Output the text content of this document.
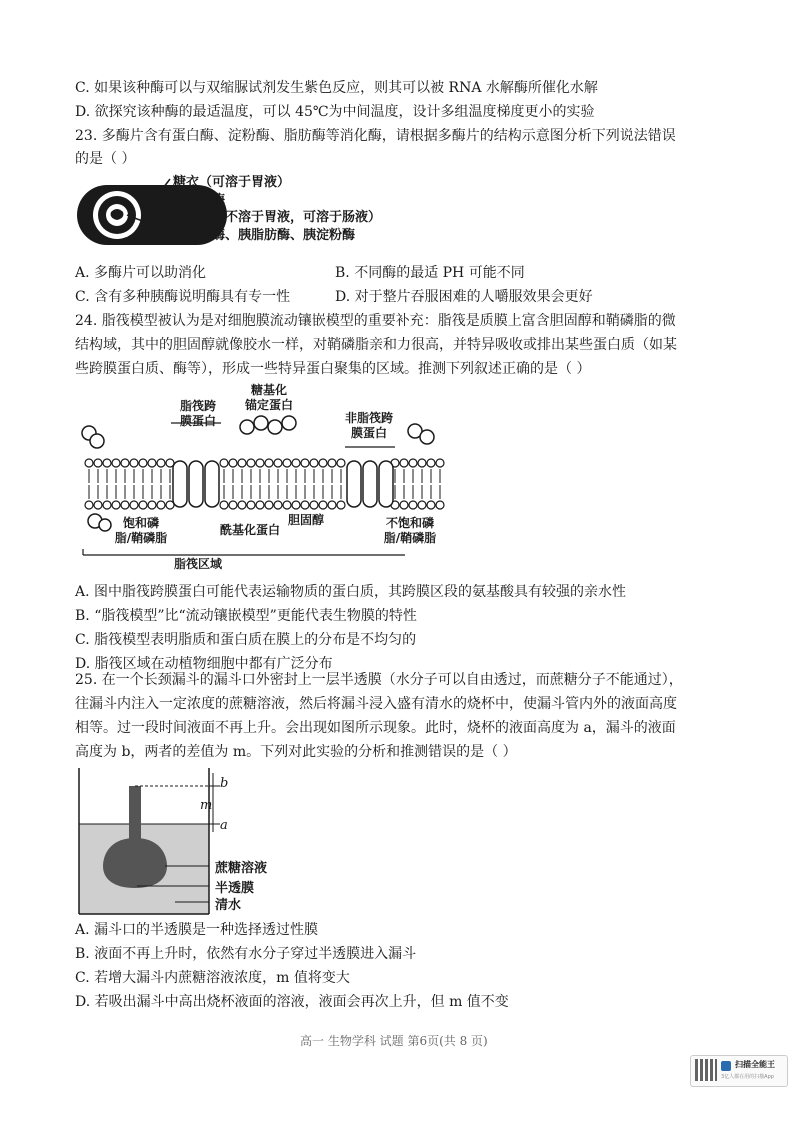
C. 如果该种酶可以与双缩脲试剂发生紫色反应，则其可以被 RNA 水解酶所催化水解
D. 欲探究该种酶的最适温度，可以 45℃为中间温度，设计多组温度梯度更小的实验
23. 多酶片含有蛋白酶、淀粉酶、脂肪酶等消化酶，请根据多酶片的结构示意图分析下列说法错误
的是（ ）
糖衣（可溶于胃液）
胃蛋白酶
肠溶衣（不溶于胃液，可溶于肠液）
胰蛋白酶、胰脂肪酶、胰淀粉酶
A. 多酶片可以助消化	B. 不同酶的最适 PH 可能不同
C. 含有多种胰酶说明酶具有专一性	D. 对于整片吞服困难的人嚼服效果会更好
24. 脂筏模型被认为是对细胞膜流动镶嵌模型的重要补充：脂筏是质膜上富含胆固醇和鞘磷脂的微
结构域，其中的胆固醇就像胶水一样，对鞘磷脂亲和力很高，并特异吸收或排出某些蛋白质（如某
些跨膜蛋白质、酶等），形成一些特异蛋白聚集的区域。推测下列叙述正确的是（ ）
脂筏跨
膜蛋白
糖基化
锚定蛋白
非脂筏跨
膜蛋白
饱和磷
脂/鞘磷脂
酰基化蛋白
胆固醇	不饱和磷
脂/鞘磷脂
脂筏区域
A. 图中脂筏跨膜蛋白可能代表运输物质的蛋白质，其跨膜区段的氨基酸具有较强的亲水性
B. “脂筏模型”比“流动镶嵌模型”更能代表生物膜的特性
C. 脂筏模型表明脂质和蛋白质在膜上的分布是不均匀的
D. 脂筏区域在动植物细胞中都有广泛分布
25. 在一个长颈漏斗的漏斗口外密封上一层半透膜（水分子可以自由透过，而蔗糖分子不能通过），
往漏斗内注入一定浓度的蔗糖溶液，然后将漏斗浸入盛有清水的烧杯中，使漏斗管内外的液面高度
相等。过一段时间液面不再上升。会出现如图所示现象。此时，烧杯的液面高度为 a，漏斗的液面
高度为 b，两者的差值为 m。下列对此实验的分析和推测错误的是（ ）
b
m
a
蔗糖溶液
半透膜
清水
A. 漏斗口的半透膜是一种选择透过性膜
B. 液面不再上升时，依然有水分子穿过半透膜进入漏斗
C. 若增大漏斗内蔗糖溶液浓度，m 值将变大
D. 若吸出漏斗中高出烧杯液面的溶液，液面会再次上升，但 m 值不变
高一 生物学科 试题 第6页(共 8 页)
扫描全能王
3亿人都在用的扫描App
